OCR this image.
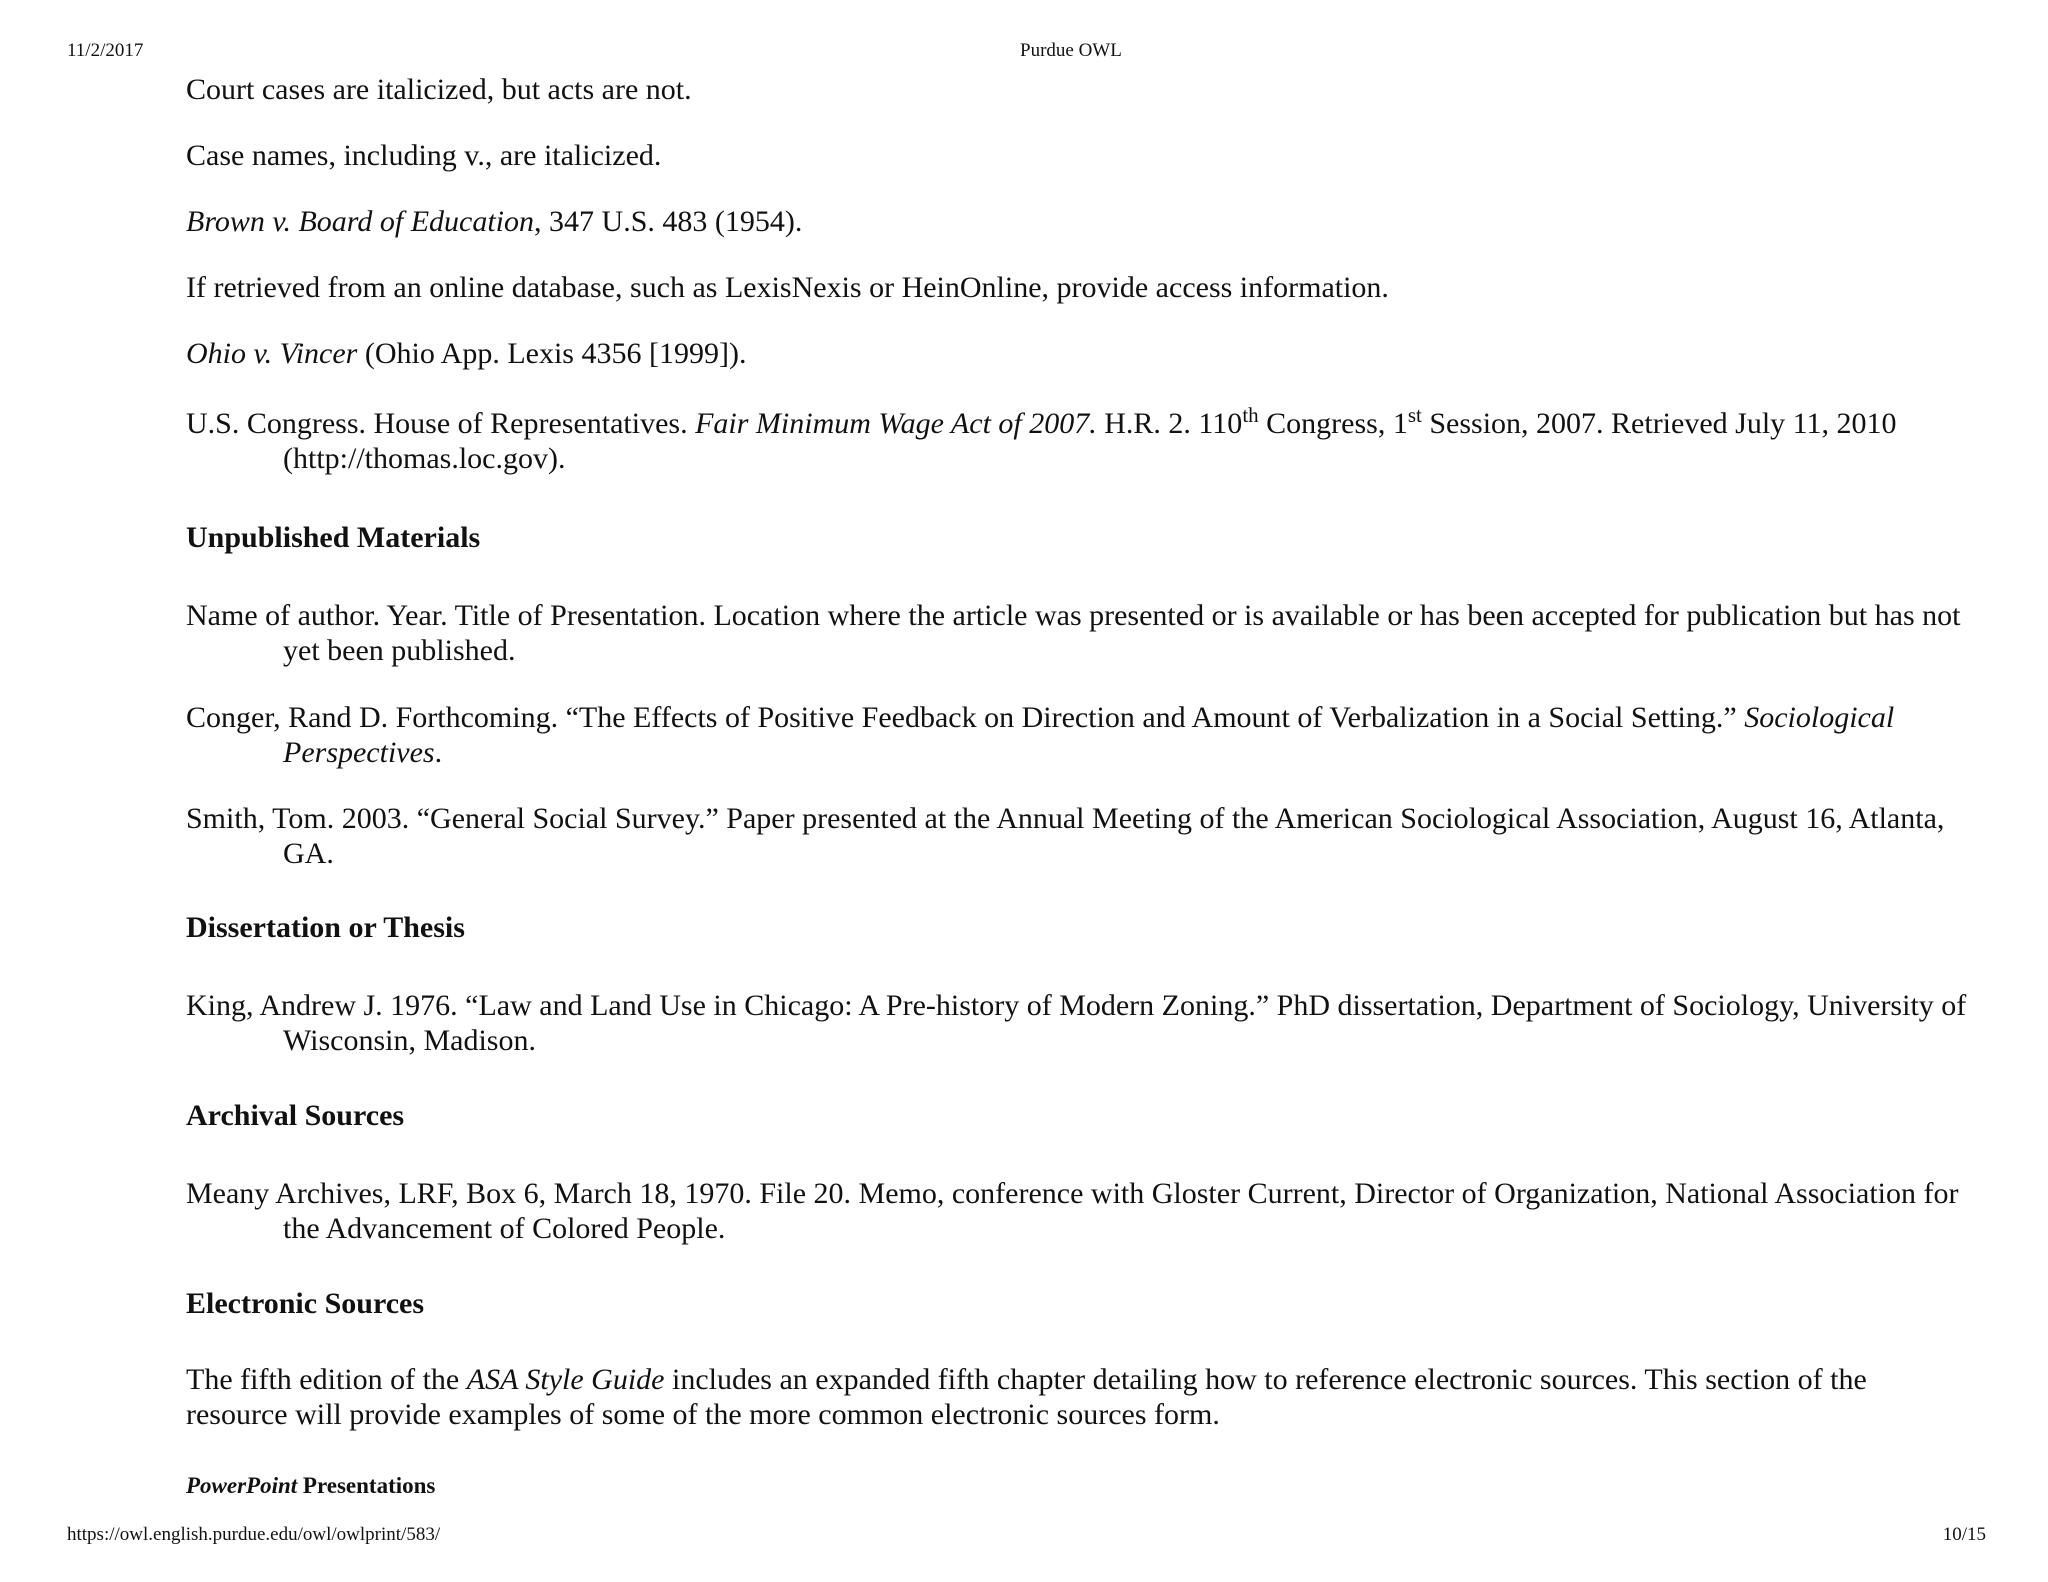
11/2/2017	Purdue OWL

Court cases are italicized, but acts are not.

Case names, including v., are italicized.

Brown v. Board of Education, 347 U.S. 483 (1954).

If retrieved from an online database, such as LexisNexis or HeinOnline, provide access information.

Ohio v. Vincer (Ohio App. Lexis 4356 [1999]).

U.S. Congress. House of Representatives. Fair Minimum Wage Act of 2007. H.R. 2. 110th Congress, 1st Session, 2007. Retrieved July 11, 2010 (http://thomas.loc.gov).

Unpublished Materials

Name of author. Year. Title of Presentation. Location where the article was presented or is available or has been accepted for publication but has not yet been published.

Conger, Rand D. Forthcoming. “The Effects of Positive Feedback on Direction and Amount of Verbalization in a Social Setting.” Sociological Perspectives.

Smith, Tom. 2003. “General Social Survey.” Paper presented at the Annual Meeting of the American Sociological Association, August 16, Atlanta, GA.

Dissertation or Thesis

King, Andrew J. 1976. “Law and Land Use in Chicago: A Pre-history of Modern Zoning.” PhD dissertation, Department of Sociology, University of Wisconsin, Madison.

Archival Sources

Meany Archives, LRF, Box 6, March 18, 1970. File 20. Memo, conference with Gloster Current, Director of Organization, National Association for the Advancement of Colored People.

Electronic Sources

The fifth edition of the ASA Style Guide includes an expanded fifth chapter detailing how to reference electronic sources. This section of the resource will provide examples of some of the more common electronic sources form.

PowerPoint Presentations

https://owl.english.purdue.edu/owl/owlprint/583/	10/15
